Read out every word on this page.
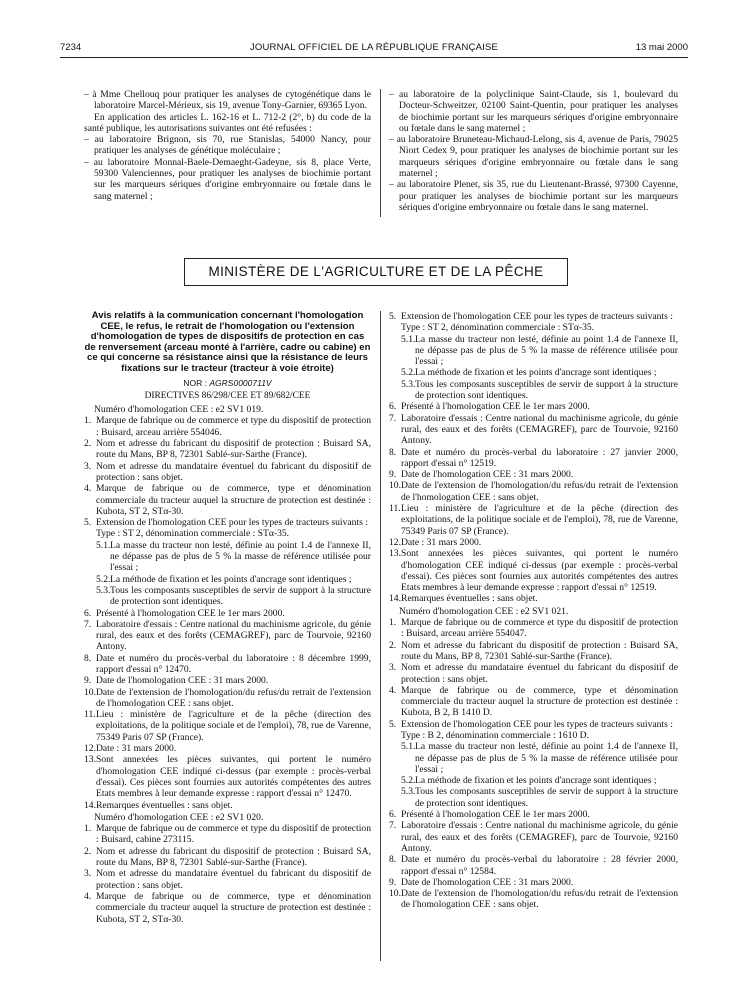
7234	JOURNAL OFFICIEL DE LA RÉPUBLIQUE FRANÇAISE	13 mai 2000

– à Mme Chellouq pour pratiquer les analyses de cytogénétique dans le laboratoire Marcel-Mérieux, sis 19, avenue Tony-Garnier, 69365 Lyon.

En application des articles L. 162-16 et L. 712-2 (2°, b) du code de la santé publique, les autorisations suivantes ont été refusées :

– au laboratoire Brignon, sis 70, rue Stanislas, 54000 Nancy, pour pratiquer les analyses de génétique moléculaire ;

– au laboratoire Monnal-Baele-Demaeght-Gadeyne, sis 8, place Verte, 59300 Valenciennes, pour pratiquer les analyses de biochimie portant sur les marqueurs sériques d'origine embryonnaire ou fœtale dans le sang maternel ;

– au laboratoire de la polyclinique Saint-Claude, sis 1, boulevard du Docteur-Schweitzer, 02100 Saint-Quentin, pour pratiquer les analyses de biochimie portant sur les marqueurs sériques d'origine embryonnaire ou fœtale dans le sang maternel ;

– au laboratoire Bruneteau-Michaud-Lelong, sis 4, avenue de Paris, 79025 Niort Cedex 9, pour pratiquer les analyses de biochimie portant sur les marqueurs sériques d'origine embryonnaire ou fœtale dans le sang maternel ;

– au laboratoire Plenet, sis 35, rue du Lieutenant-Brassé, 97300 Cayenne, pour pratiquer les analyses de biochimie portant sur les marqueurs sériques d'origine embryonnaire ou fœtale dans le sang maternel.

MINISTÈRE DE L'AGRICULTURE ET DE LA PÊCHE
Avis relatifs à la communication concernant l'homologation CEE, le refus, le retrait de l'homologation ou l'extension d'homologation de types de dispositifs de protection en cas de renversement (arceau monté à l'arrière, cadre ou cabine) en ce qui concerne sa résistance ainsi que la résistance de leurs fixations sur le tracteur (tracteur à voie étroite)
NOR : AGRS0000711V
DIRECTIVES 86/298/CEE ET 89/682/CEE

Numéro d'homologation CEE : e2 SV1 019.

1. Marque de fabrique ou de commerce et type du dispositif de protection : Buisard, arceau arrière 554046.

2. Nom et adresse du fabricant du dispositif de protection : Buisard SA, route du Mans, BP 8, 72301 Sablé-sur-Sarthe (France).

3. Nom et adresse du mandataire éventuel du fabricant du dispositif de protection : sans objet.

4. Marque de fabrique ou de commerce, type et dénomination commerciale du tracteur auquel la structure de protection est destinée : Kubota, ST 2, STα-30.

5. Extension de l'homologation CEE pour les types de tracteurs suivants :

Type : ST 2, dénomination commerciale : STα-35.

5.1. La masse du tracteur non lesté, définie au point 1.4 de l'annexe II, ne dépasse pas de plus de 5 % la masse de référence utilisée pour l'essai ;

5.2. La méthode de fixation et les points d'ancrage sont identiques ;

5.3. Tous les composants susceptibles de servir de support à la structure de protection sont identiques.

6. Présenté à l'homologation CEE le 1er mars 2000.

7. Laboratoire d'essais : Centre national du machinisme agricole, du génie rural, des eaux et des forêts (CEMAGREF), parc de Tourvoie, 92160 Antony.

8. Date et numéro du procès-verbal du laboratoire : 8 décembre 1999, rapport d'essai n° 12470.

9. Date de l'homologation CEE : 31 mars 2000.

10. Date de l'extension de l'homologation/du refus/du retrait de l'extension de l'homologation CEE : sans objet.

11. Lieu : ministère de l'agriculture et de la pêche (direction des exploitations, de la politique sociale et de l'emploi), 78, rue de Varenne, 75349 Paris 07 SP (France).

12. Date : 31 mars 2000.

13. Sont annexées les pièces suivantes, qui portent le numéro d'homologation CEE indiqué ci-dessus (par exemple : procès-verbal d'essai). Ces pièces sont fournies aux autorités compétentes des autres Etats membres à leur demande expresse : rapport d'essai n° 12470.

14. Remarques éventuelles : sans objet.

Numéro d'homologation CEE : e2 SV1 020.

1. Marque de fabrique ou de commerce et type du dispositif de protection : Buisard, cabine 273115.

2. Nom et adresse du fabricant du dispositif de protection : Buisard SA, route du Mans, BP 8, 72301 Sablé-sur-Sarthe (France).

3. Nom et adresse du mandataire éventuel du fabricant du dispositif de protection : sans objet.

4. Marque de fabrique ou de commerce, type et dénomination commerciale du tracteur auquel la structure de protection est destinée : Kubota, ST 2, STα-30.

5. Extension de l'homologation CEE pour les types de tracteurs suivants :

Type : ST 2, dénomination commerciale : STα-35.

5.1. La masse du tracteur non lesté, définie au point 1.4 de l'annexe II, ne dépasse pas de plus de 5 % la masse de référence utilisée pour l'essai ;

5.2. La méthode de fixation et les points d'ancrage sont identiques ;

5.3. Tous les composants susceptibles de servir de support à la structure de protection sont identiques.

6. Présenté à l'homologation CEE le 1er mars 2000.

7. Laboratoire d'essais : Centre national du machinisme agricole, du génie rural, des eaux et des forêts (CEMAGREF), parc de Tourvoie, 92160 Antony.

8. Date et numéro du procès-verbal du laboratoire : 27 janvier 2000, rapport d'essai n° 12519.

9. Date de l'homologation CEE : 31 mars 2000.

10. Date de l'extension de l'homologation/du refus/du retrait de l'extension de l'homologation CEE : sans objet.

11. Lieu : ministère de l'agriculture et de la pêche (direction des exploitations, de la politique sociale et de l'emploi), 78, rue de Varenne, 75349 Paris 07 SP (France).

12. Date : 31 mars 2000.

13. Sont annexées les pièces suivantes, qui portent le numéro d'homologation CEE indiqué ci-dessus (par exemple : procès-verbal d'essai). Ces pièces sont fournies aux autorités compétentes des autres Etats membres à leur demande expresse : rapport d'essai n° 12519.

14. Remarques éventuelles : sans objet.

Numéro d'homologation CEE : e2 SV1 021.

1. Marque de fabrique ou de commerce et type du dispositif de protection : Buisard, arceau arrière 554047.

2. Nom et adresse du fabricant du dispositif de protection : Buisard SA, route du Mans, BP 8, 72301 Sablé-sur-Sarthe (France).

3. Nom et adresse du mandataire éventuel du fabricant du dispositif de protection : sans objet.

4. Marque de fabrique ou de commerce, type et dénomination commerciale du tracteur auquel la structure de protection est destinée : Kubota, B 2, B 1410 D.

5. Extension de l'homologation CEE pour les types de tracteurs suivants :

Type : B 2, dénomination commerciale : 1610 D.

5.1. La masse du tracteur non lesté, définie au point 1.4 de l'annexe II, ne dépasse pas de plus de 5 % la masse de référence utilisée pour l'essai ;

5.2. La méthode de fixation et les points d'ancrage sont identiques ;

5.3. Tous les composants susceptibles de servir de support à la structure de protection sont identiques.

6. Présenté à l'homologation CEE le 1er mars 2000.

7. Laboratoire d'essais : Centre national du machinisme agricole, du génie rural, des eaux et des forêts (CEMAGREF), parc de Tourvoie, 92160 Antony.

8. Date et numéro du procès-verbal du laboratoire : 28 février 2000, rapport d'essai n° 12584.

9. Date de l'homologation CEE : 31 mars 2000.

10. Date de l'extension de l'homologation/du refus/du retrait de l'extension de l'homologation CEE : sans objet.
